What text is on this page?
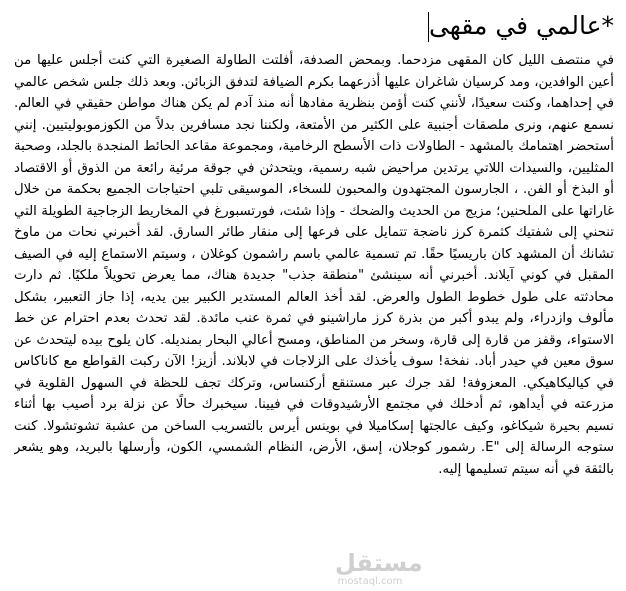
*عالمي في مقهى

في منتصف الليل كان المقهى مزدحما. وبمحض الصدفة، أفلتت الطاولة الصغيرة التي كنت أجلس عليها من أعين الوافدين، ومد كرسيان شاغران عليها أذرعهما بكرم الضيافة لتدفق الزبائن. وبعد ذلك جلس شخص عالمي في إحداهما، وكنت سعيدًا، لأنني كنت أؤمن بنظرية مفادها أنه منذ آدم لم يكن هناك مواطن حقيقي في العالم. نسمع عنهم، ونرى ملصقات أجنبية على الكثير من الأمتعة، ولكننا نجد مسافرين بدلاً من الكوزموبوليتيين. إنني أستحضر اهتمامك بالمشهد - الطاولات ذات الأسطح الرخامية، ومجموعة مقاعد الحائط المنجدة بالجلد، وصحبة المثليين، والسيدات اللاتي يرتدين مراحيض شبه رسمية، ويتحدثن في جوقة مرئية رائعة من الذوق أو الاقتصاد أو البذخ أو الفن. ، الجارسون المجتهدون والمحبون للسخاء، الموسيقى تلبي احتياجات الجميع بحكمة من خلال غاراتها على الملحنين؛ مزيج من الحديث والضحك - وإذا شئت، فورتسبورغ في المخاريط الزجاجية الطويلة التي تنحني إلى شفتيك كثمرة كرز ناضجة تتمايل على فرعها إلى منقار طائر السارق. لقد أخبرني نحات من ماوخ تشانك أن المشهد كان باريسيًا حقًا. تم تسمية عالمي باسم راشمون كوغلان ، وسيتم الاستماع إليه في الصيف المقبل في كوني آيلاند. أخبرني أنه سينشئ "منطقة جذب" جديدة هناك، مما يعرض تحويلاً ملكيًا. ثم دارت محادثته على طول خطوط الطول والعرض. لقد أخذ العالم المستدير الكبير بين يديه، إذا جاز التعبير، بشكل مألوف وازدراء، ولم يبدو أكبر من بذرة كرز ماراشينو في ثمرة عنب مائدة. لقد تحدث بعدم احترام عن خط الاستواء، وقفز من قارة إلى قارة، وسخر من المناطق، ومسح أعالي البحار بمنديله. كان يلوح بيده ليتحدث عن سوق معين في حيدر أباد. نفخة! سوف يأخذك على الزلاجات في لابلاند. أزيز! الآن ركبت القواطع مع كاناكاس في كياليكاهيكي. المعزوفة! لقد جرك عبر مستنقع أركنساس، وتركك تجف للحظة في السهول القلوية في مزرعته في أيداهو، ثم أدخلك في مجتمع الأرشيدوقات في فيينا. سيخبرك حالًا عن نزلة برد أصيب بها أثناء نسيم بحيرة شيكاغو، وكيف عالجتها إسكاميلا في بوينس أيرس بالتسريب الساخن من عشبة تشوتشولا. كنت ستوجه الرسالة إلى "E. رشمور كوجلان، إسق، الأرض، النظام الشمسي، الكون، وأرسلها بالبريد، وهو يشعر بالثقة في أنه سيتم تسليمها إليه.

مستقل
mostaql.com
